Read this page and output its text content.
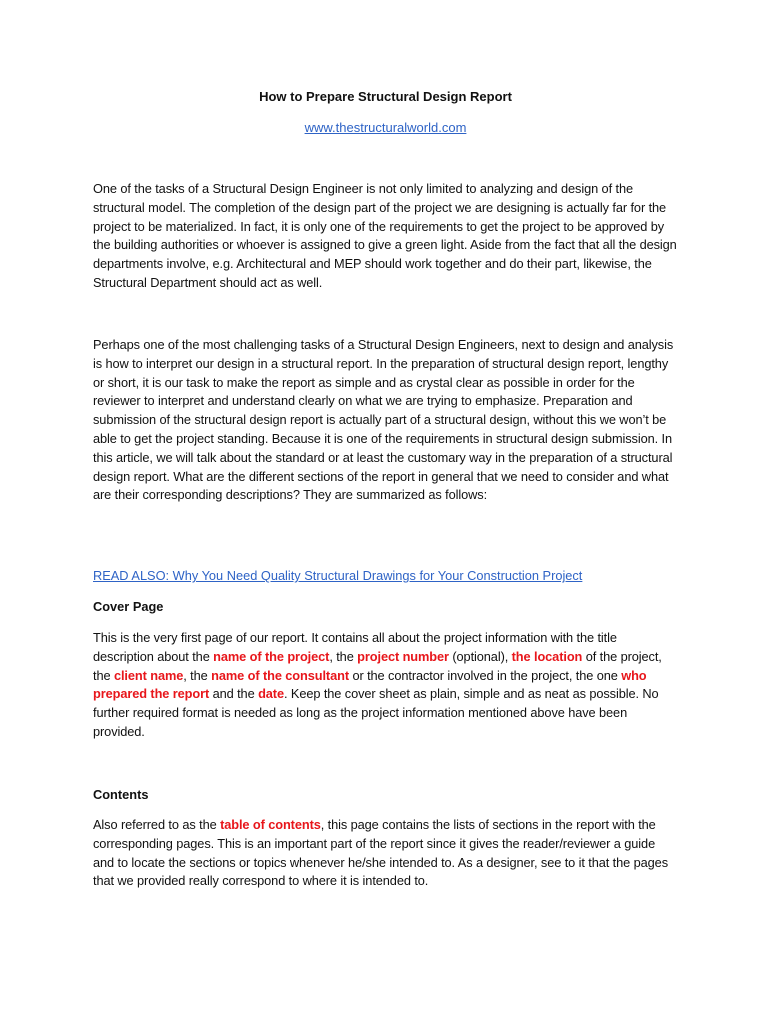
How to Prepare Structural Design Report
www.thestructuralworld.com

One of the tasks of a Structural Design Engineer is not only limited to analyzing and design of the structural model. The completion of the design part of the project we are designing is actually far for the project to be materialized. In fact, it is only one of the requirements to get the project to be approved by the building authorities or whoever is assigned to give a green light. Aside from the fact that all the design departments involve, e.g. Architectural and MEP should work together and do their part, likewise, the Structural Department should act as well.

Perhaps one of the most challenging tasks of a Structural Design Engineers, next to design and analysis is how to interpret our design in a structural report. In the preparation of structural design report, lengthy or short, it is our task to make the report as simple and as crystal clear as possible in order for the reviewer to interpret and understand clearly on what we are trying to emphasize. Preparation and submission of the structural design report is actually part of a structural design, without this we won’t be able to get the project standing. Because it is one of the requirements in structural design submission. In this article, we will talk about the standard or at least the customary way in the preparation of a structural design report. What are the different sections of the report in general that we need to consider and what are their corresponding descriptions? They are summarized as follows:

READ ALSO: Why You Need Quality Structural Drawings for Your Construction Project
Cover Page

This is the very first page of our report. It contains all about the project information with the title description about the name of the project, the project number (optional), the location of the project, the client name, the name of the consultant or the contractor involved in the project, the one who prepared the report and the date. Keep the cover sheet as plain, simple and as neat as possible. No further required format is needed as long as the project information mentioned above have been provided.

Contents

Also referred to as the table of contents, this page contains the lists of sections in the report with the corresponding pages. This is an important part of the report since it gives the reader/reviewer a guide and to locate the sections or topics whenever he/she intended to. As a designer, see to it that the pages that we provided really correspond to where it is intended to.
